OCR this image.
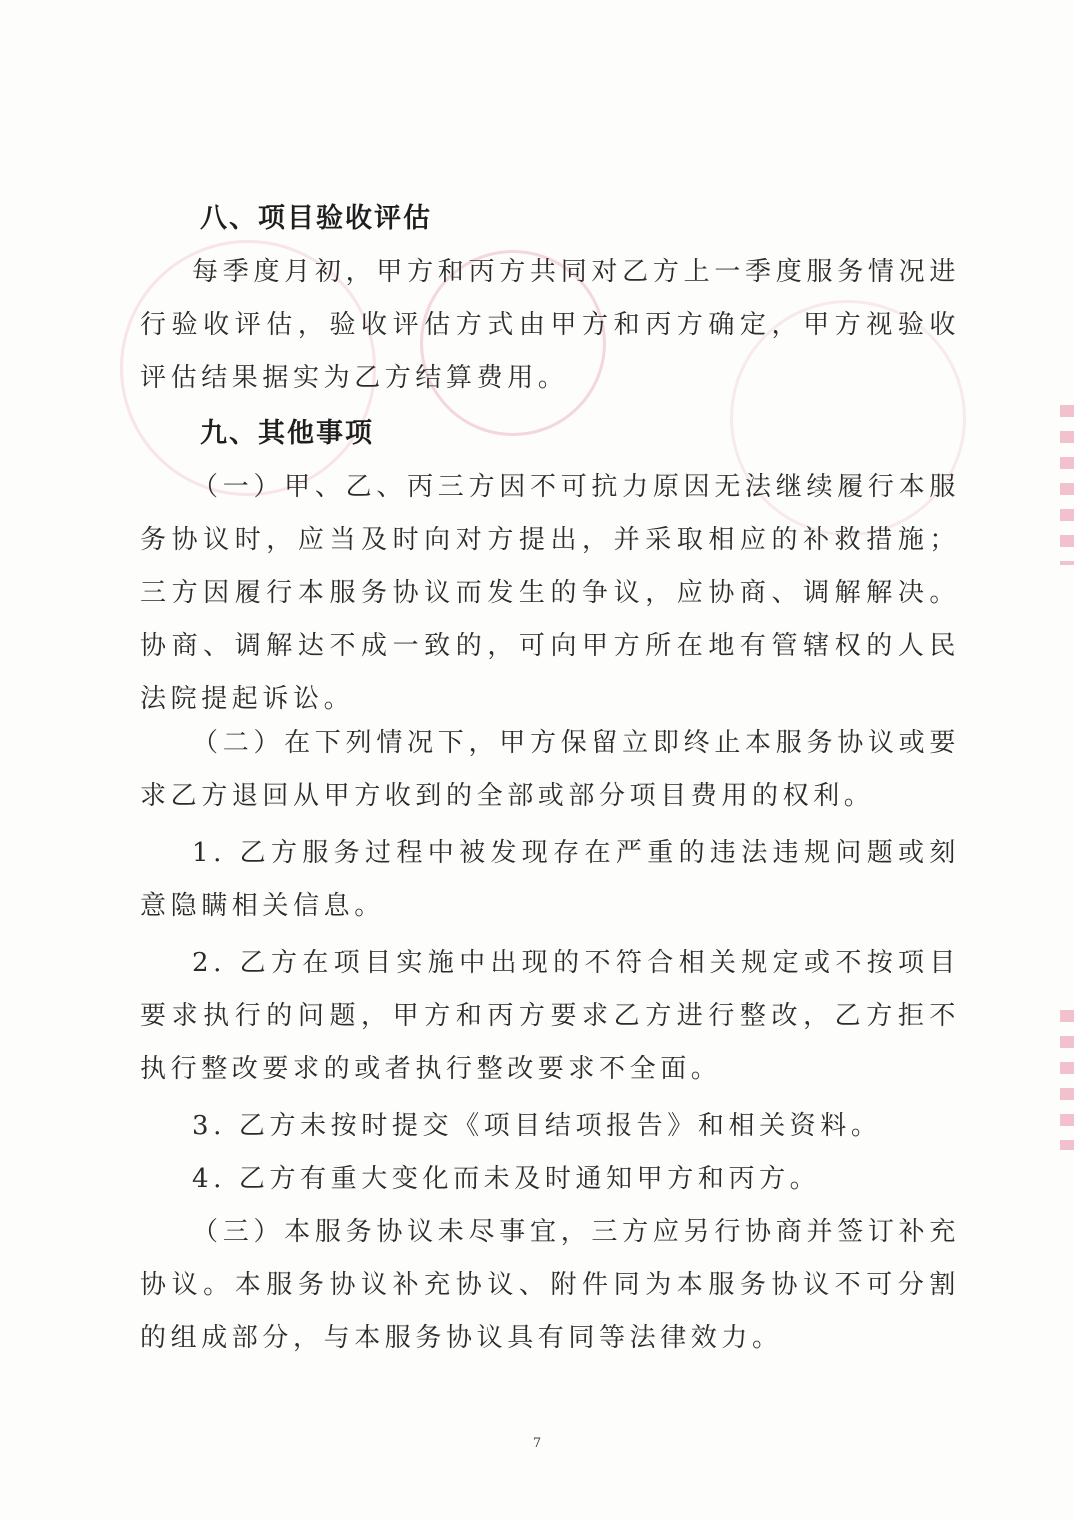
八、项目验收评估
每季度月初，甲方和丙方共同对乙方上一季度服务情况进行验收评估，验收评估方式由甲方和丙方确定，甲方视验收评估结果据实为乙方结算费用。
九、其他事项
（一）甲、乙、丙三方因不可抗力原因无法继续履行本服务协议时，应当及时向对方提出，并采取相应的补救措施；三方因履行本服务协议而发生的争议，应协商、调解解决。协商、调解达不成一致的，可向甲方所在地有管辖权的人民法院提起诉讼。
（二）在下列情况下，甲方保留立即终止本服务协议或要求乙方退回从甲方收到的全部或部分项目费用的权利。
1. 乙方服务过程中被发现存在严重的违法违规问题或刻意隐瞒相关信息。
2. 乙方在项目实施中出现的不符合相关规定或不按项目要求执行的问题，甲方和丙方要求乙方进行整改，乙方拒不执行整改要求的或者执行整改要求不全面。
3. 乙方未按时提交《项目结项报告》和相关资料。
4. 乙方有重大变化而未及时通知甲方和丙方。
（三）本服务协议未尽事宜，三方应另行协商并签订补充协议。本服务协议补充协议、附件同为本服务协议不可分割的组成部分，与本服务协议具有同等法律效力。
7
